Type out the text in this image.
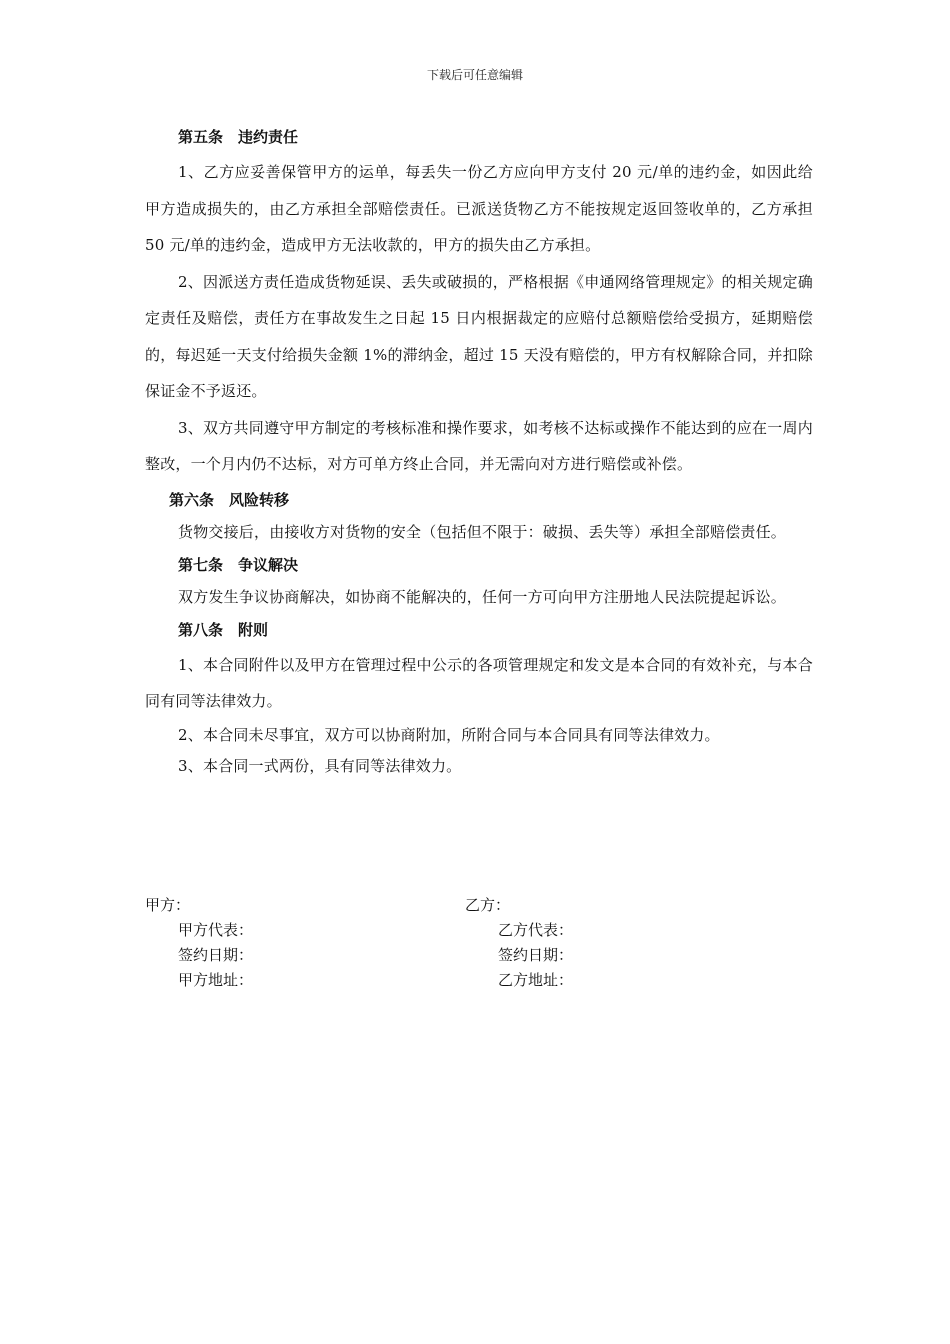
下载后可任意编辑
第五条　违约责任

1、乙方应妥善保管甲方的运单，每丢失一份乙方应向甲方支付 20 元/单的违约金，如因此给甲方造成损失的，由乙方承担全部赔偿责任。已派送货物乙方不能按规定返回签收单的，乙方承担 50 元/单的违约金，造成甲方无法收款的，甲方的损失由乙方承担。

2、因派送方责任造成货物延误、丢失或破损的，严格根据《申通网络管理规定》的相关规定确定责任及赔偿，责任方在事故发生之日起 15 日内根据裁定的应赔付总额赔偿给受损方，延期赔偿的，每迟延一天支付给损失金额 1%的滞纳金，超过 15 天没有赔偿的，甲方有权解除合同，并扣除保证金不予返还。

3、双方共同遵守甲方制定的考核标准和操作要求，如考核不达标或操作不能达到的应在一周内整改，一个月内仍不达标，对方可单方终止合同，并无需向对方进行赔偿或补偿。

第六条　风险转移

货物交接后，由接收方对货物的安全（包括但不限于：破损、丢失等）承担全部赔偿责任。

第七条　争议解决

双方发生争议协商解决，如协商不能解决的，任何一方可向甲方注册地人民法院提起诉讼。

第八条　附则

1、本合同附件以及甲方在管理过程中公示的各项管理规定和发文是本合同的有效补充，与本合同有同等法律效力。

2、本合同未尽事宜，双方可以协商附加，所附合同与本合同具有同等法律效力。

3、本合同一式两份，具有同等法律效力。

甲方：
甲方代表：
签约日期：
甲方地址：
乙方：
乙方代表：
签约日期：
乙方地址：
